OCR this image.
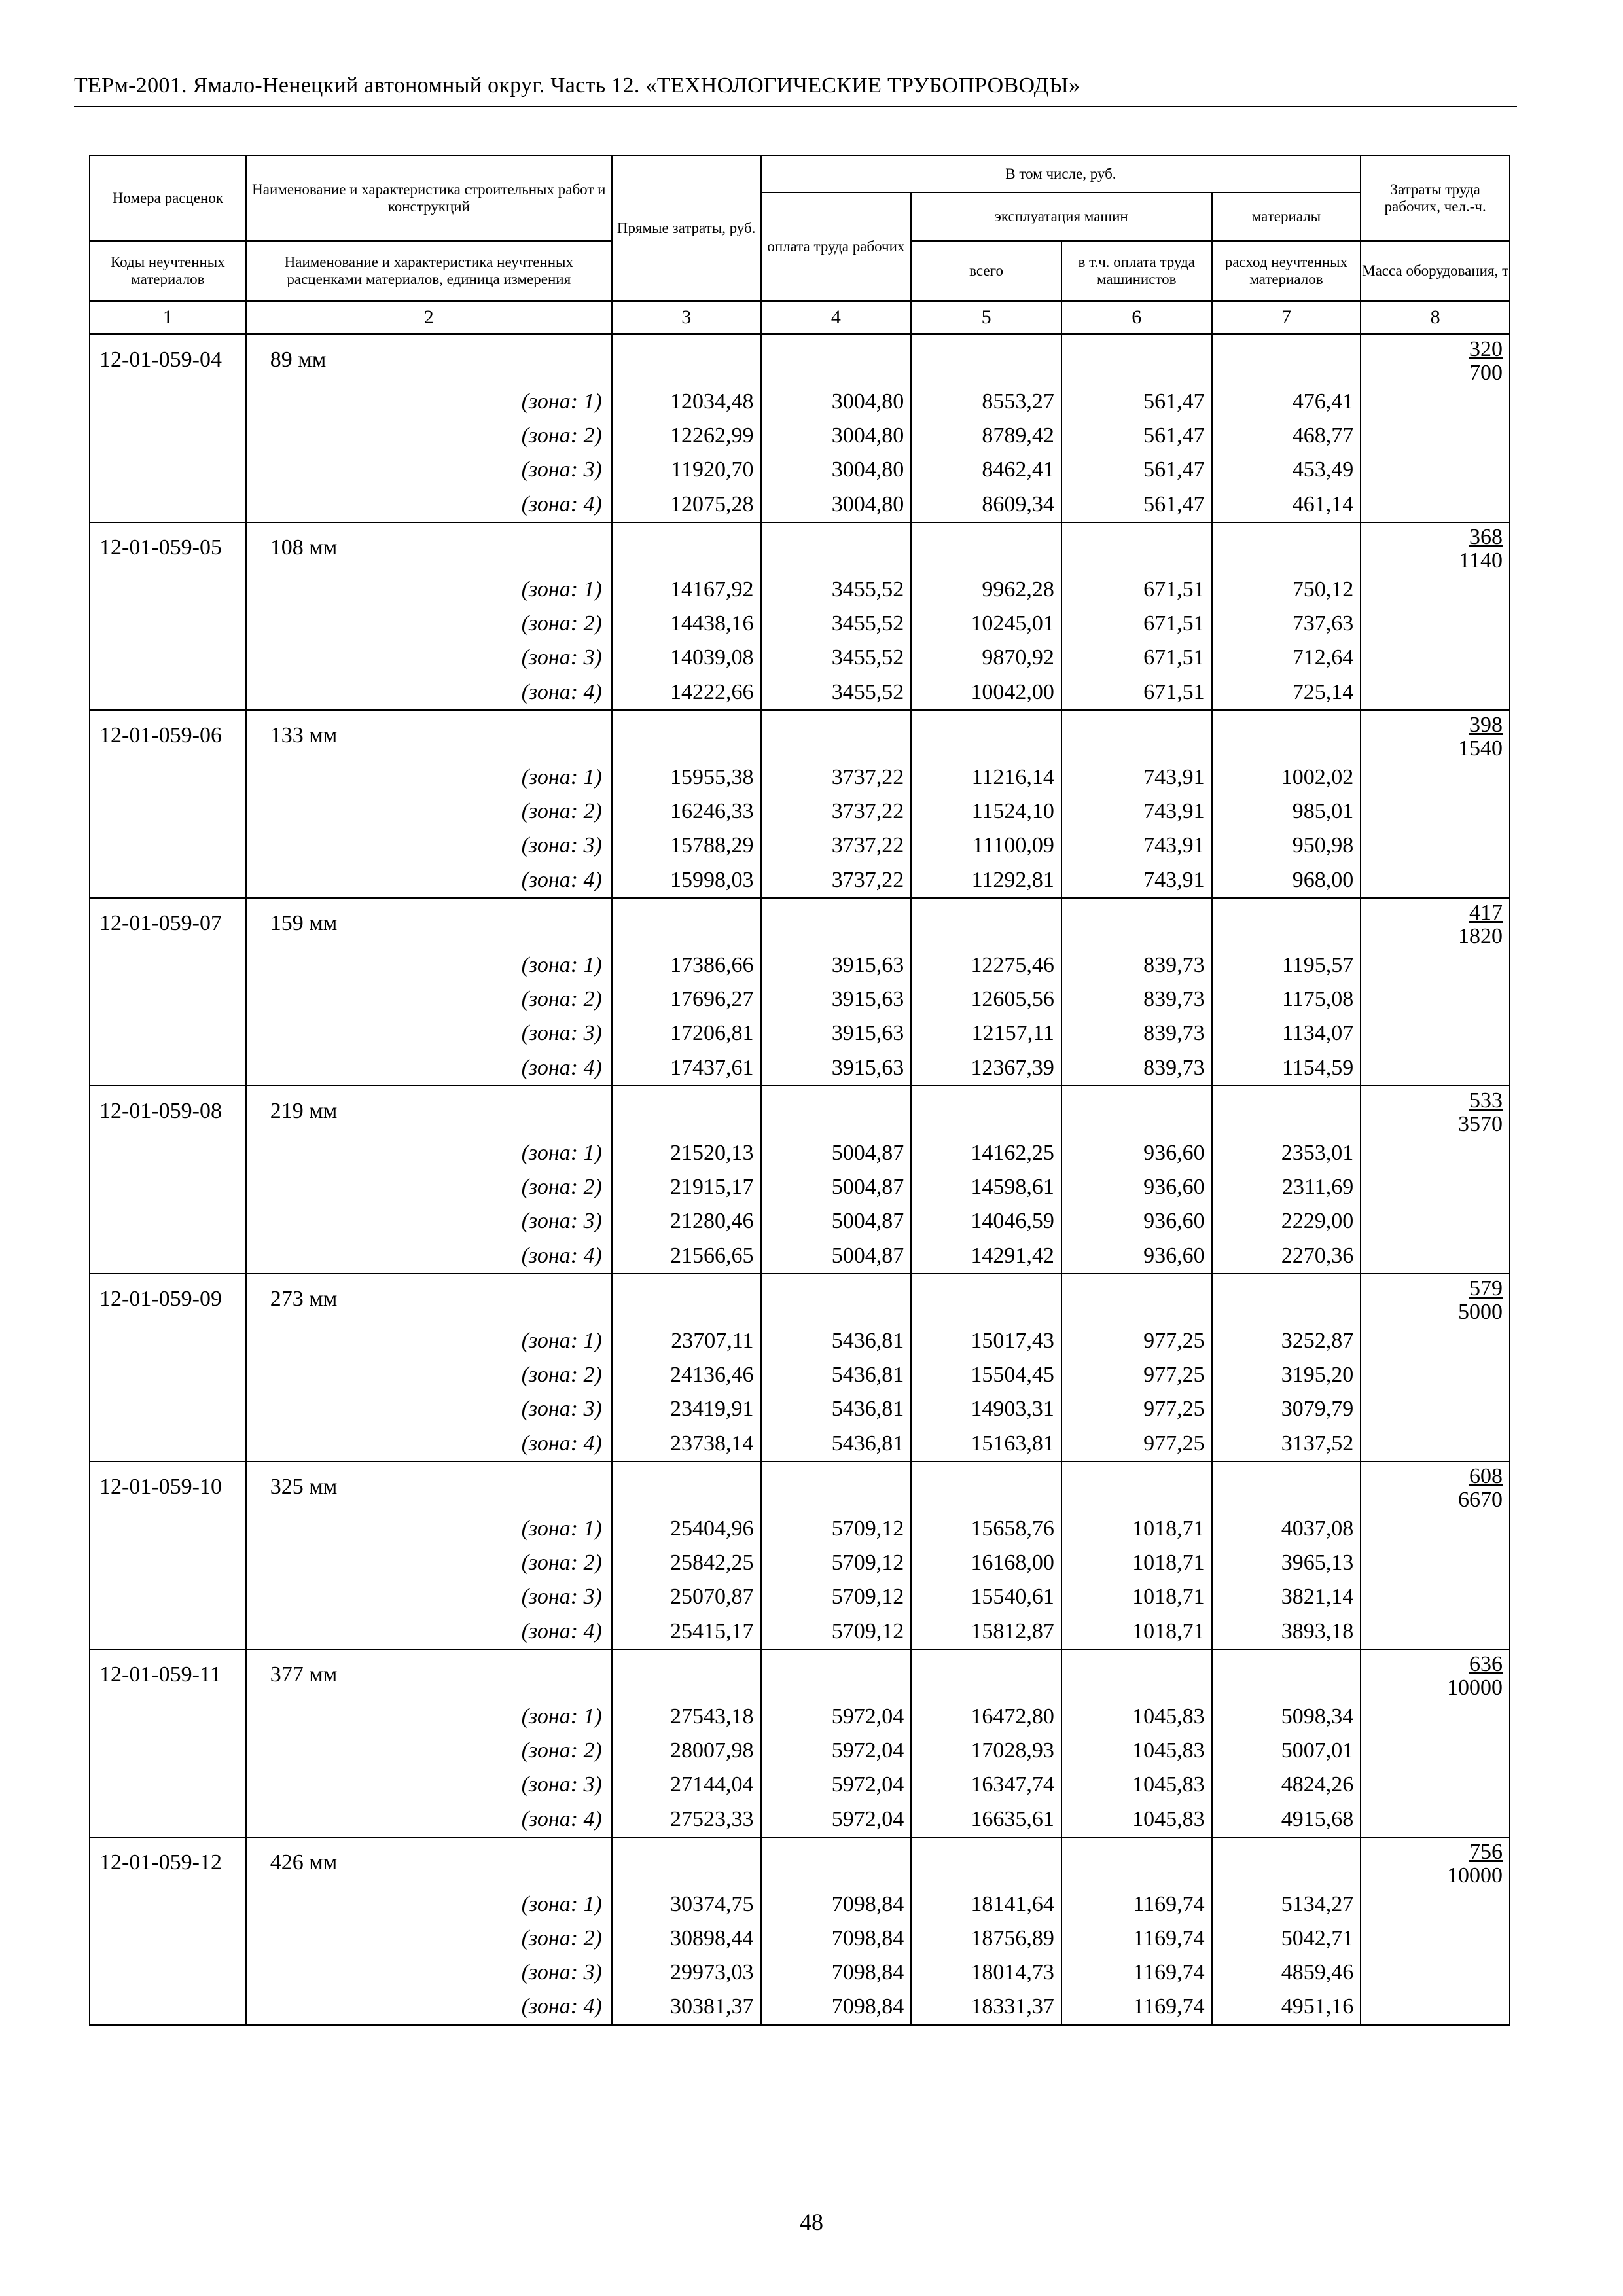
ТЕРм-2001. Ямало-Ненецкий автономный округ. Часть 12. «ТЕХНОЛОГИЧЕСКИЕ ТРУБОПРОВОДЫ»
Номера расценок	Наименование и характеристика строительных работ и конструкций	Прямые затраты, руб.	В том числе, руб.				Затраты труда рабочих, чел.-ч.
			оплата труда рабочих	эксплуатация машин		материалы	
Коды неучтенных материалов	Наименование и характеристика неучтенных расценками материалов, единица измерения			всего	в т.ч. оплата труда машинистов	расход неучтенных материалов	Масса оборудования, т
1	2	3	4	5	6	7	8
12-01-059-04	89 мм						$\frac{320}{700}$
	(зона: 1)	12034,48	3004,80	8553,27	561,47	476,41	
	(зона: 2)	12262,99	3004,80	8789,42	561,47	468,77	
	(зона: 3)	11920,70	3004,80	8462,41	561,47	453,49	
	(зона: 4)	12075,28	3004,80	8609,34	561,47	461,14	
12-01-059-05	108 мм						$\frac{368}{1140}$
	(зона: 1)	14167,92	3455,52	9962,28	671,51	750,12	
	(зона: 2)	14438,16	3455,52	10245,01	671,51	737,63	
	(зона: 3)	14039,08	3455,52	9870,92	671,51	712,64	
	(зона: 4)	14222,66	3455,52	10042,00	671,51	725,14	
12-01-059-06	133 мм						$\frac{398}{1540}$
	(зона: 1)	15955,38	3737,22	11216,14	743,91	1002,02	
	(зона: 2)	16246,33	3737,22	11524,10	743,91	985,01	
	(зона: 3)	15788,29	3737,22	11100,09	743,91	950,98	
	(зона: 4)	15998,03	3737,22	11292,81	743,91	968,00	
12-01-059-07	159 мм						$\frac{417}{1820}$
	(зона: 1)	17386,66	3915,63	12275,46	839,73	1195,57	
	(зона: 2)	17696,27	3915,63	12605,56	839,73	1175,08	
	(зона: 3)	17206,81	3915,63	12157,11	839,73	1134,07	
	(зона: 4)	17437,61	3915,63	12367,39	839,73	1154,59	
12-01-059-08	219 мм						$\frac{533}{3570}$
	(зона: 1)	21520,13	5004,87	14162,25	936,60	2353,01	
	(зона: 2)	21915,17	5004,87	14598,61	936,60	2311,69	
	(зона: 3)	21280,46	5004,87	14046,59	936,60	2229,00	
	(зона: 4)	21566,65	5004,87	14291,42	936,60	2270,36	
12-01-059-09	273 мм						$\frac{579}{5000}$
	(зона: 1)	23707,11	5436,81	15017,43	977,25	3252,87	
	(зона: 2)	24136,46	5436,81	15504,45	977,25	3195,20	
	(зона: 3)	23419,91	5436,81	14903,31	977,25	3079,79	
	(зона: 4)	23738,14	5436,81	15163,81	977,25	3137,52	
12-01-059-10	325 мм						$\frac{608}{6670}$
	(зона: 1)	25404,96	5709,12	15658,76	1018,71	4037,08	
	(зона: 2)	25842,25	5709,12	16168,00	1018,71	3965,13	
	(зона: 3)	25070,87	5709,12	15540,61	1018,71	3821,14	
	(зона: 4)	25415,17	5709,12	15812,87	1018,71	3893,18	
12-01-059-11	377 мм						$\frac{636}{10000}$
	(зона: 1)	27543,18	5972,04	16472,80	1045,83	5098,34	
	(зона: 2)	28007,98	5972,04	17028,93	1045,83	5007,01	
	(зона: 3)	27144,04	5972,04	16347,74	1045,83	4824,26	
	(зона: 4)	27523,33	5972,04	16635,61	1045,83	4915,68	
12-01-059-12	426 мм						$\frac{756}{10000}$
	(зона: 1)	30374,75	7098,84	18141,64	1169,74	5134,27	
	(зона: 2)	30898,44	7098,84	18756,89	1169,74	5042,71	
	(зона: 3)	29973,03	7098,84	18014,73	1169,74	4859,46	
	(зона: 4)	30381,37	7098,84	18331,37	1169,74	4951,16	
48
